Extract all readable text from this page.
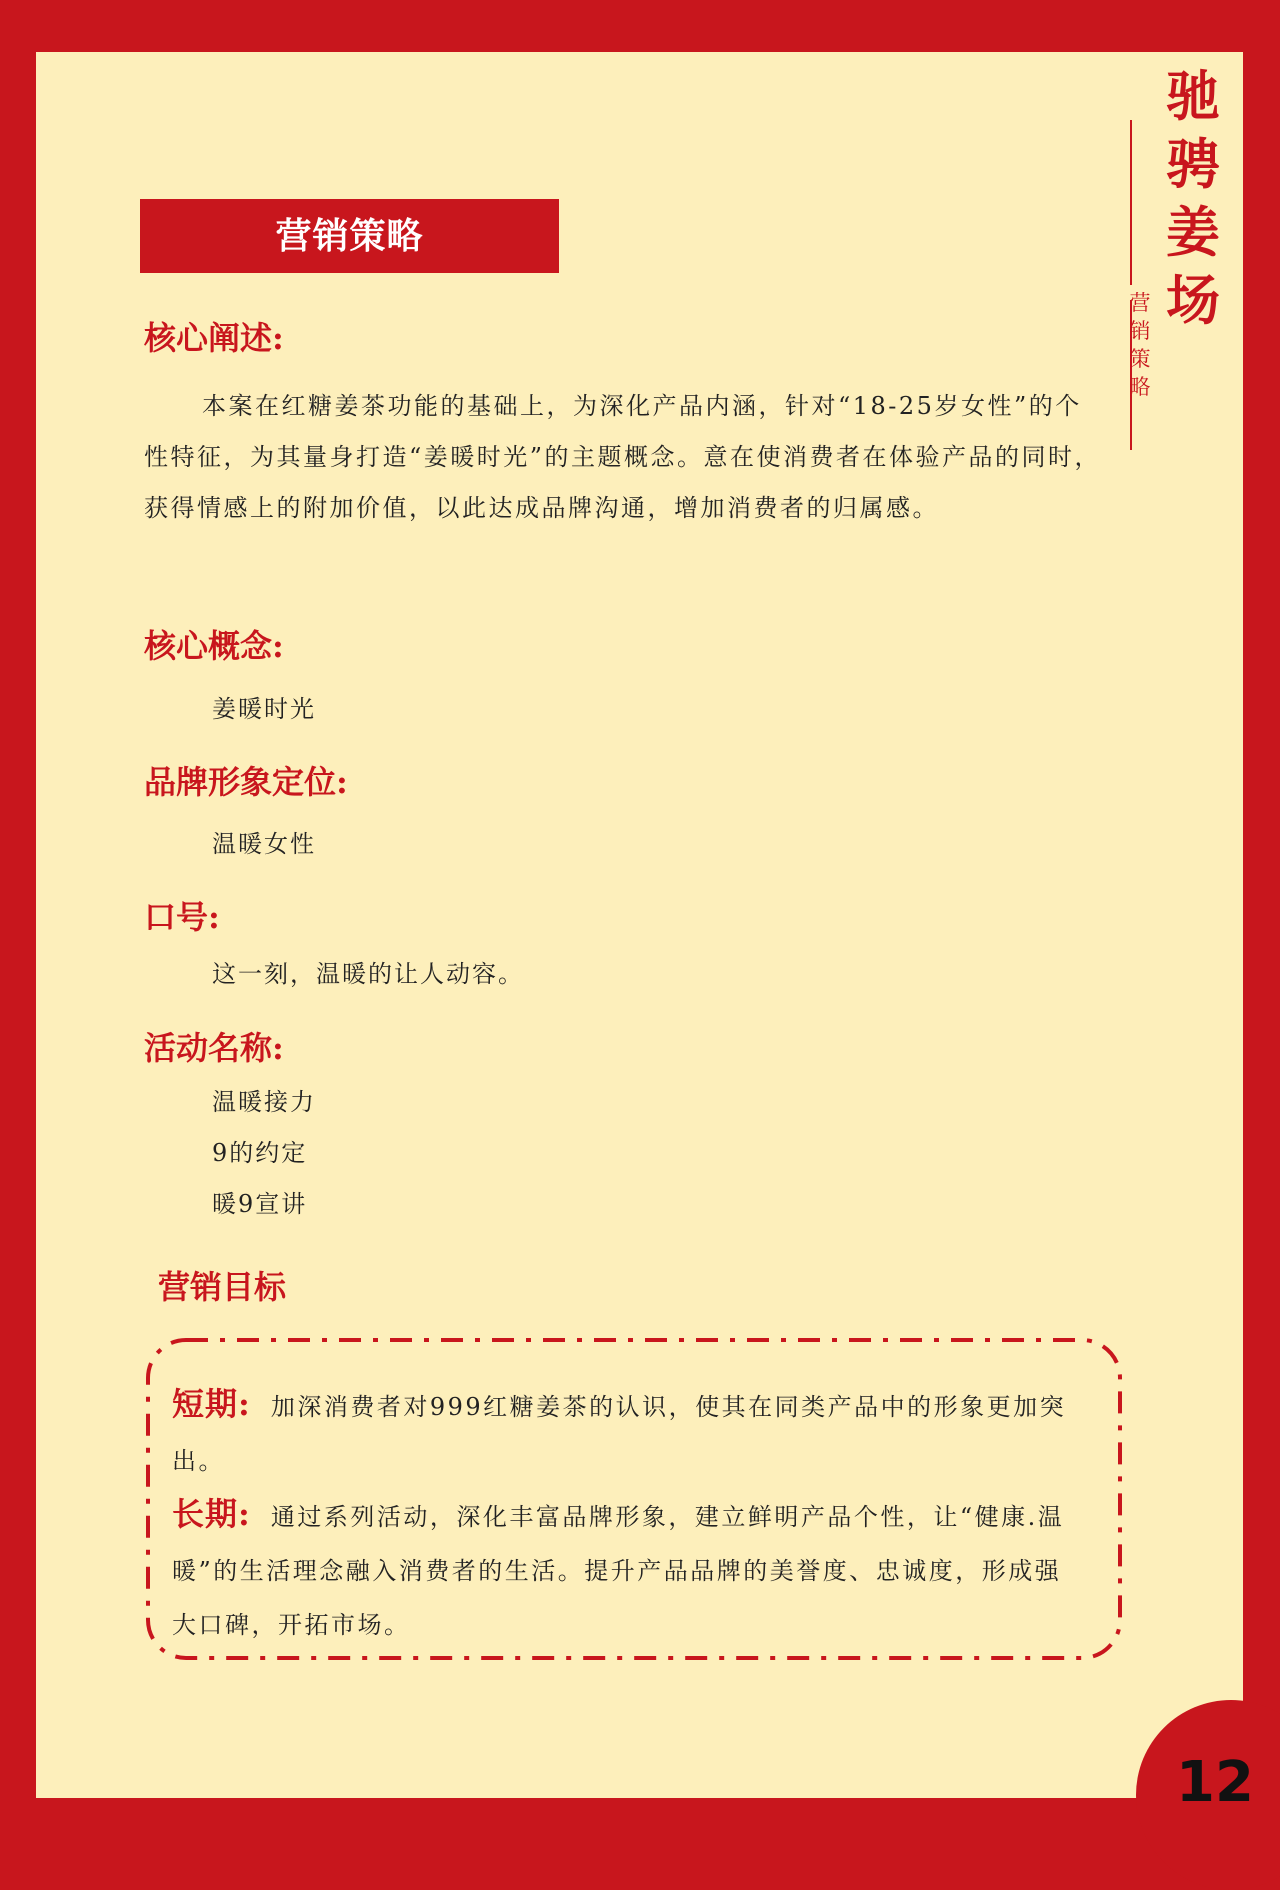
驰
骋
姜
场
营
销
策
略
营销策略
核心阐述:
本案在红糖姜茶功能的基础上，为深化产品内涵，针对“18-25岁女性”的个性特征，为其量身打造“姜暖时光”的主题概念。意在使消费者在体验产品的同时，获得情感上的附加价值，以此达成品牌沟通，增加消费者的归属感。
核心概念:
姜暖时光
品牌形象定位:
温暖女性
口号:
这一刻，温暖的让人动容。
活动名称:
温暖接力
9的约定
暖9宣讲
营销目标
短期: 加深消费者对999红糖姜茶的认识，使其在同类产品中的形象更加突出。
长期: 通过系列活动，深化丰富品牌形象，建立鲜明产品个性，让“健康.温暖”的生活理念融入消费者的生活。提升产品品牌的美誉度、忠诚度，形成强大口碑，开拓市场。
12
